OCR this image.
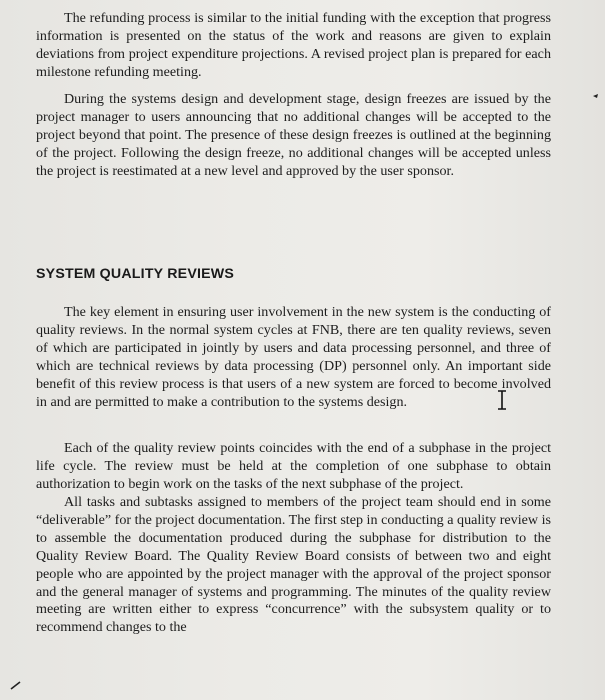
The refunding process is similar to the initial funding with the exception that progress information is presented on the status of the work and reasons are given to explain deviations from project expenditure projections. A revised project plan is prepared for each milestone refunding meeting.

During the systems design and development stage, design freezes are issued by the project manager to users announcing that no additional changes will be accepted to the project beyond that point. The presence of these design freezes is outlined at the beginning of the project. Following the design freeze, no additional changes will be accepted unless the project is reestimated at a new level and approved by the user sponsor.

SYSTEM QUALITY REVIEWS

The key element in ensuring user involvement in the new system is the conducting of quality reviews. In the normal system cycles at FNB, there are ten quality reviews, seven of which are participated in jointly by users and data processing personnel, and three of which are technical reviews by data processing (DP) personnel only. An important side benefit of this review process is that users of a new system are forced to become involved in and are permitted to make a contribution to the systems design.

Each of the quality review points coincides with the end of a subphase in the project life cycle. The review must be held at the completion of one subphase to obtain authorization to begin work on the tasks of the next subphase of the project.

All tasks and subtasks assigned to members of the project team should end in some “deliverable” for the project documentation. The first step in conducting a quality review is to assemble the documentation produced during the subphase for distribution to the Quality Review Board. The Quality Review Board consists of between two and eight people who are appointed by the project manager with the approval of the project sponsor and the general manager of systems and programming. The minutes of the quality review meeting are written either to express “concurrence” with the subsystem quality or to recommend changes to the
